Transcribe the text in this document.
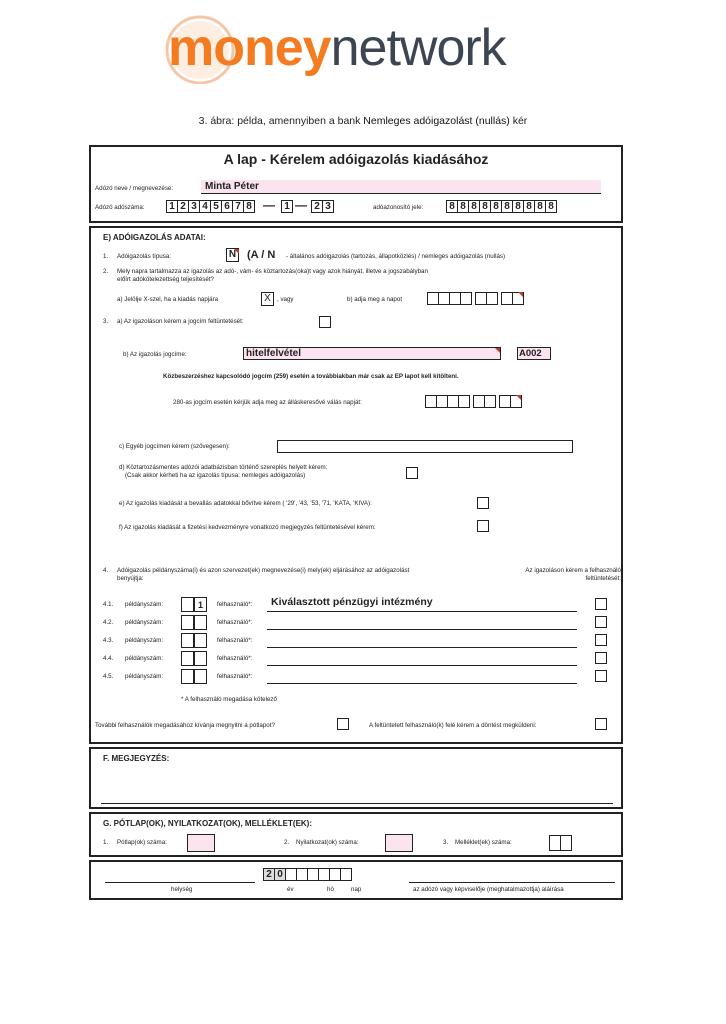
moneynetwork
3. ábra: példa, amennyiben a bank Nemleges adóigazolást (nullás) kér
A lap - Kérelem adóigazolás kiadásához
Adózó neve / megnevezése:	Minta Péter
Adózó adószáma:	1 2 3 4 5 6 7 8 — 1 — 2 3	adóazonosító jele:	8 8 8 8 8 8 8 8 8 8
E) ADÓIGAZOLÁS ADATAI:
1. Adóigazolás típusa:	N (A / N - általános adóigazolás (tartozás, állapotközlés) / nemleges adóigazolás (nullás)
2. Mely napra tartalmazza az igazolás az adó-, vám- és köztartozás(oka)t vagy azok hiányát, illetve a jogszabályban előírt adókötelezettség teljesítését?
a) Jelölje X-szel, ha a kiadás napjára	X , vagy	b) adja meg a napot
3. a) Az igazoláson kérem a jogcím feltüntetését:
b) Az igazolás jogcíme:	hitelfelvétel	A002
Közbeszerzéshez kapcsolódó jogcím (259) esetén a továbbiakban már csak az EP lapot kell kitölteni.
280-as jogcím esetén kérjük adja meg az álláskeresővé válás napját:
c) Egyéb jogcímen kérem (szövegesen):
d) Köztartozásmentes adózói adatbázisban történő szereplés helyett kérem:
(Csak akkor kérheti ha az igazolás típusa: nemleges adóigazolás)
e) Az igazolás kiadását a bevallás adatokkal bővítve kérem ( '29', '43, '53, '71, 'KATA, 'KIVA):
f) Az igazolás kiadását a fizetési kedvezményre vonatkozó megjegyzés feltüntetésével kérem:
4. Adóigazolás példányszáma(i) és azon szervezet(ek) megnevezése(i) mely(ek) eljárásához az adóigazolást benyújtja:
Az igazoláson kérem a felhasználó feltüntetését:
4.1. példányszám:	1	felhasználó*: Kiválasztott pénzügyi intézmény
4.2. példányszám:	felhasználó*:
4.3. példányszám:	felhasználó*:
4.4. példányszám:	felhasználó*:
4.5. példányszám:	felhasználó*:
* A felhasználó megadása kötelező
További felhasználók megadásához kívánja megnyitni a pótlapot?	A feltüntetett felhasználó(k) felé kérem a döntést megküldeni:
F. MEGJEGYZÉS:
G. PÓTLAP(OK), NYILATKOZAT(OK), MELLÉKLET(EK):
1. Pótlap(ok) száma:	2. Nyilatkozat(ok) száma:	3. Melléklet(ek) száma:
helység
2 0
év	hó	nap	az adózó vagy képviselője (meghatalmazottja) aláírása
